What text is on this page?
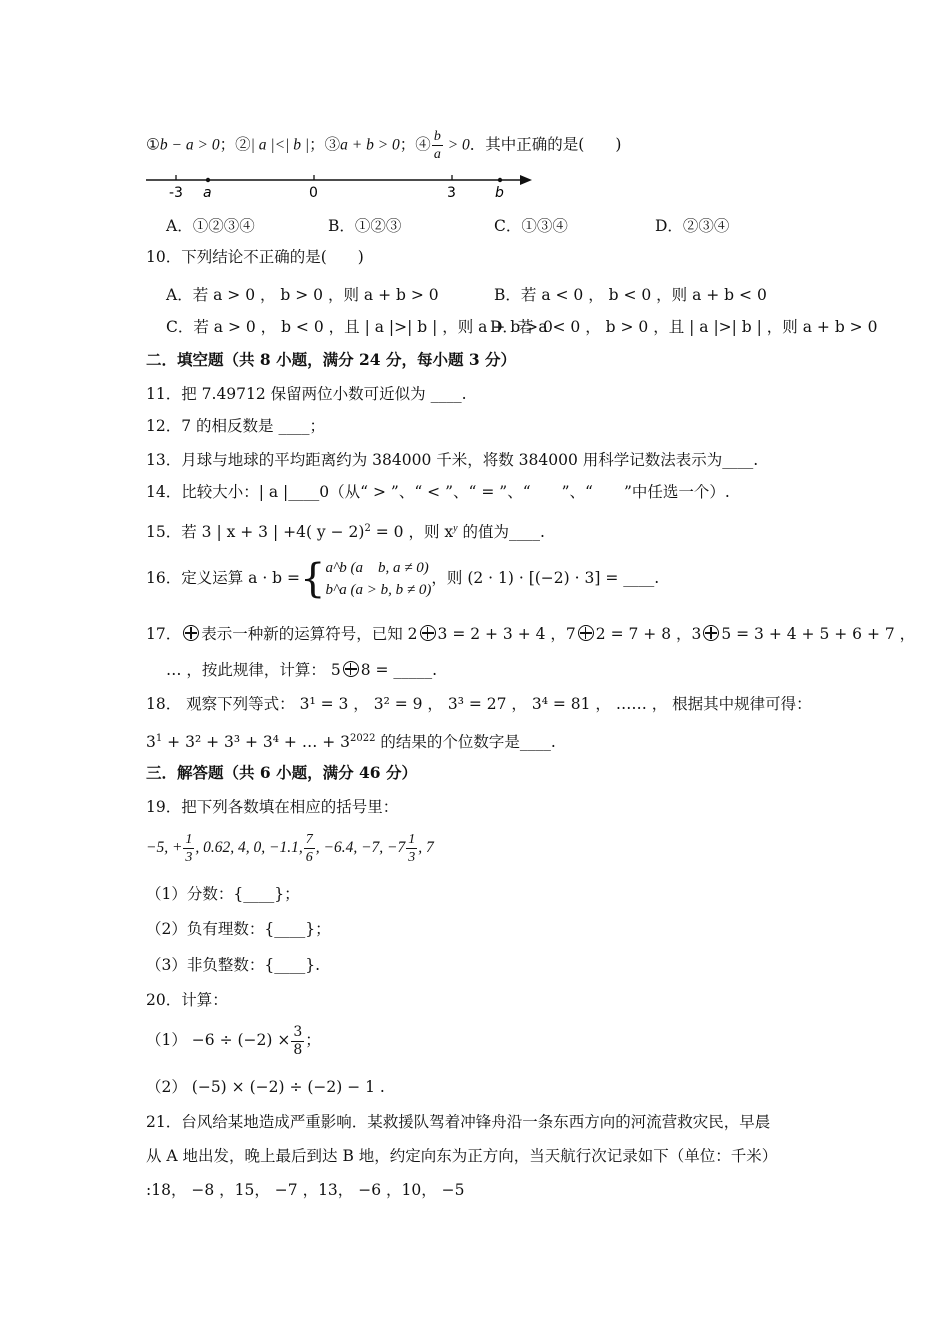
①b − a > 0；②| a |<| b |；③a + b > 0；④ $\frac{b}{a} > 0$．其中正确的是(　　)
-3 a	0	3	b
A．①②③④	B．①②③	C．①③④	D．②③④
10．下列结论不正确的是(　　)
A．若 a > 0 ， b > 0 ，则 a + b > 0	B．若 a < 0 ， b < 0 ，则 a + b < 0
C．若 a > 0 ， b < 0 ，且 | a |>| b | ，则 a + b > 0
D．若 a < 0 ， b > 0 ，且 | a |>| b | ，则 a + b > 0
二．填空题（共 8 小题，满分 24 分，每小题 3 分）
11．把 7.49712 保留两位小数可近似为 ____.
12．7 的相反数是 ____；
13．月球与地球的平均距离约为 384000 千米，将数 384000 用科学记数法表示为____.
14．比较大小：| a |____0（从“ > ”、“ < ”、“ = ”、“　　”、“　　”中任选一个）.
15．若 3 | x + 3 | +4( y − 2)$^2$ = 0 ，则 $x^y$ 的值为____.
16．定义运算 a · b ={ a^b (a　b, a ≠ 0)
b^a (a > b, b ≠ 0)
，则 (2 · 1) · [(−2) · 3] = ____.
17． 表示一种新的运算符号，已知 2 3 = 2 + 3 + 4 ，7 2 = 7 + 8 ，3 5 = 3 + 4 + 5 + 6 + 7 ，
… ，按此规律，计算： 5 8 = _____.
18． 观察下列等式： 3¹ = 3 ， 3² = 9 ， 3³ = 27 ， 3⁴ = 81 ， …… ， 根据其中规律可得：
$3^1 + 3^2 + 3^3 + 3^4$ + … + $3^{2022}$ 的结果的个位数字是____.
三．解答题（共 6 小题，满分 46 分）
19．把下列各数填在相应的括号里：
−5, + $\frac{1}{3}$ , 0.62, 4, 0, −1.1, $\frac{7}{6}$ , −6.4, −7, $-7 \frac{1}{3}$ , 7
（1）分数：{____}；
（2）负有理数：{____}；
（3）非负整数：{____}.
20．计算：
$(1) -6 \div (-2) \times \frac{3}{8}$ ；
（2） (−5) × (−2) ÷ (−2) − 1 .
21．台风给某地造成严重影响．某救援队驾着冲锋舟沿一条东西方向的河流营救灾民，早晨
从 A 地出发，晚上最后到达 B 地，约定向东为正方向，当天航行次记录如下（单位：千米）
:18， −8 ，15， −7 ，13， −6 ，10， −5
